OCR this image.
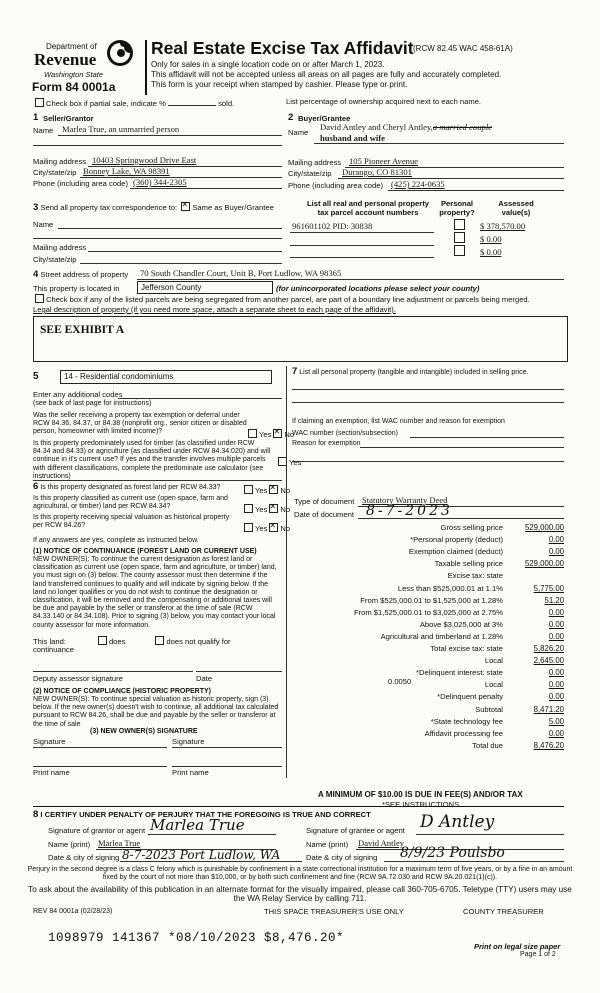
Department of
Revenue
Washington State
Form 84 0001a
Real Estate Excise Tax Affidavit (RCW 82.45 WAC 458-61A)
Only for sales in a single location code on or after March 1, 2023.
This affidavit will not be accepted unless all areas on all pages are fully and accurately completed.
This form is your receipt when stamped by cashier. Please type or print.
Check box if partial sale, indicate %	sold.	List percentage of ownership acquired next to each name.
1 Seller/Grantor
Name Marlea True, an unmarried person
Mailing address 10403 Springwood Drive East
City/state/zip Bonney Lake, WA 98391
Phone (including area code) (360) 344-2305
2 Buyer/Grantee
Name
David Antley and Cheryl Antley,a married couple
husband and wife
Mailing address 105 Pioneer Avenue
City/state/zip Durango, CO 81301
Phone (including area code) (425) 224-0635
3 Send all property tax correspondence to: ✕ Same as Buyer/Grantee
Name
Mailing address
City/state/zip
List all real and personal property tax parcel account numbers
Personal property?
Assessed value(s)
961601102 PID: 30838	$ 378,570.00
$ 0.00
$ 0.00
4 Street address of property 70 South Chandler Court, Unit B, Port Ludlow, WA 98365
This property is located in	Jefferson County	(for unincorporated locations please select your county)
Check box if any of the listed parcels are being segregated from another parcel, are part of a boundary line adjustment or parcels being merged.
Legal description of property (if you need more space, attach a separate sheet to each page of the affidavit).
SEE EXHIBIT A
5	14 - Residential condominiums
Enter any additional codes
(see back of last page for instructions)
Was the seller receiving a property tax exemption or deferral under RCW 84.36, 84.37, or 84.38 (nonprofit org., senior citizen or disabled person, homeowner with limited income)?	Yes ✕ No
Is this property predominately used for timber (as classified under RCW 84.34 and 84.33) or agriculture (as classified under RCW 84.34.020) and will continue in it's current use? If yes and the transfer involves multiple parcels with different classifications, complete the predominate use calculator (see instructions)
Yes
6 Is this property designated as forest land per RCW 84.33?	Yes ✕ No
Is this property classified as current use (open space, farm and agricultural, or timber) land per RCW 84.34?	Yes ✕ No
Is this property receiving special valuation as historical property per RCW 84.26?	Yes ✕ No
If any answers are yes, complete as instructed below.
(1) NOTICE OF CONTINUANCE (FOREST LAND OR CURRENT USE)
NEW OWNER(S): To continue the current designation as forest land or classification as current use (open space, farm and agriculture, or timber) land, you must sign on (3) below. The county assessor must then determine if the land transferred continues to qualify and will indicate by signing below. If the land no longer qualifies or you do not wish to continue the designation or classification, it will be removed and the compensating or additional taxes will be due and payable by the seller or transferor at the time of sale (RCW 84.33.140 or 84.34.108). Prior to signing (3) below, you may contact your local county assessor for more information.
This land:	does	does not qualify for
continuance
Deputy assessor signature	Date
(2) NOTICE OF COMPLIANCE (HISTORIC PROPERTY)
NEW OWNER(S): To continue special valuation as historic property, sign (3) below. If the new owner(s) doesn't wish to continue, all additional tax calculated pursuant to RCW 84.26, shall be due and payable by the seller or transferor at the time of sale
(3) NEW OWNER(S) SIGNATURE
Signature	Signature
Print name	Print name
7 List all personal property (tangible and intangible) included in selling price.
If claiming an exemption, list WAC number and reason for exemption
WAC number (section/subsection)
Reason for exemption
Type of document Statutory Warranty Deed
Date of document 8-7-2023
Gross selling price	529,000.00
*Personal property (deduct)	0.00
Exemption claimed (deduct)	0.00
Taxable selling price	529,000.00
Excise tax: state
Less than $525,000.01 at 1.1%	5,775.00
From $525,000.01 to $1,525,000 at 1.28%	51.20
From $1,525,000.01 to $3,025,000 at 2.75%	0.00
Above $3,025,000 at 3%	0.00
Agricultural and timberland at 1.28%	0.00
Total excise tax: state	5,826.20
Local	2,645.00
*Delinquent interest: state	0.00
Local	0.00
*Delinquent penalty	0.00
Subtotal	8,471.20
*State technology fee	5.00
Affidavit processing fee	0.00
Total due	8,476.20
0.0050
A MINIMUM OF $10.00 IS DUE IN FEE(S) AND/OR TAX
*SEE INSTRUCTIONS
8 I CERTIFY UNDER PENALTY OF PERJURY THAT THE FOREGOING IS TRUE AND CORRECT
Signature of grantor or agent Marlea True
Name (print) Marlea True
Date & city of signing 8-7-2023 Port Ludlow, WA
Signature of grantee or agent D Antley
Name (print) David Antley
Date & city of signing 8/9/23 Poulsbo
Perjury in the second degree is a class C felony which is punishable by confinement in a state correctional institution for a maximum term of five years, or by a fine in an amount fixed by the court of not more than $10,000, or by both such confinement and fine (RCW 9A.72.030 and RCW 9A.20.021(1)(c)).
To ask about the availability of this publication in an alternate format for the visually impaired, please call 360-705-6705. Teletype (TTY) users may use the WA Relay Service by calling 711.
REV 84 0001a (02/28/23)	THIS SPACE TREASURER'S USE ONLY	COUNTY TREASURER
1098979 141367 *08/10/2023 $8,476.20*
Print on legal size paper
Page 1 of 2
